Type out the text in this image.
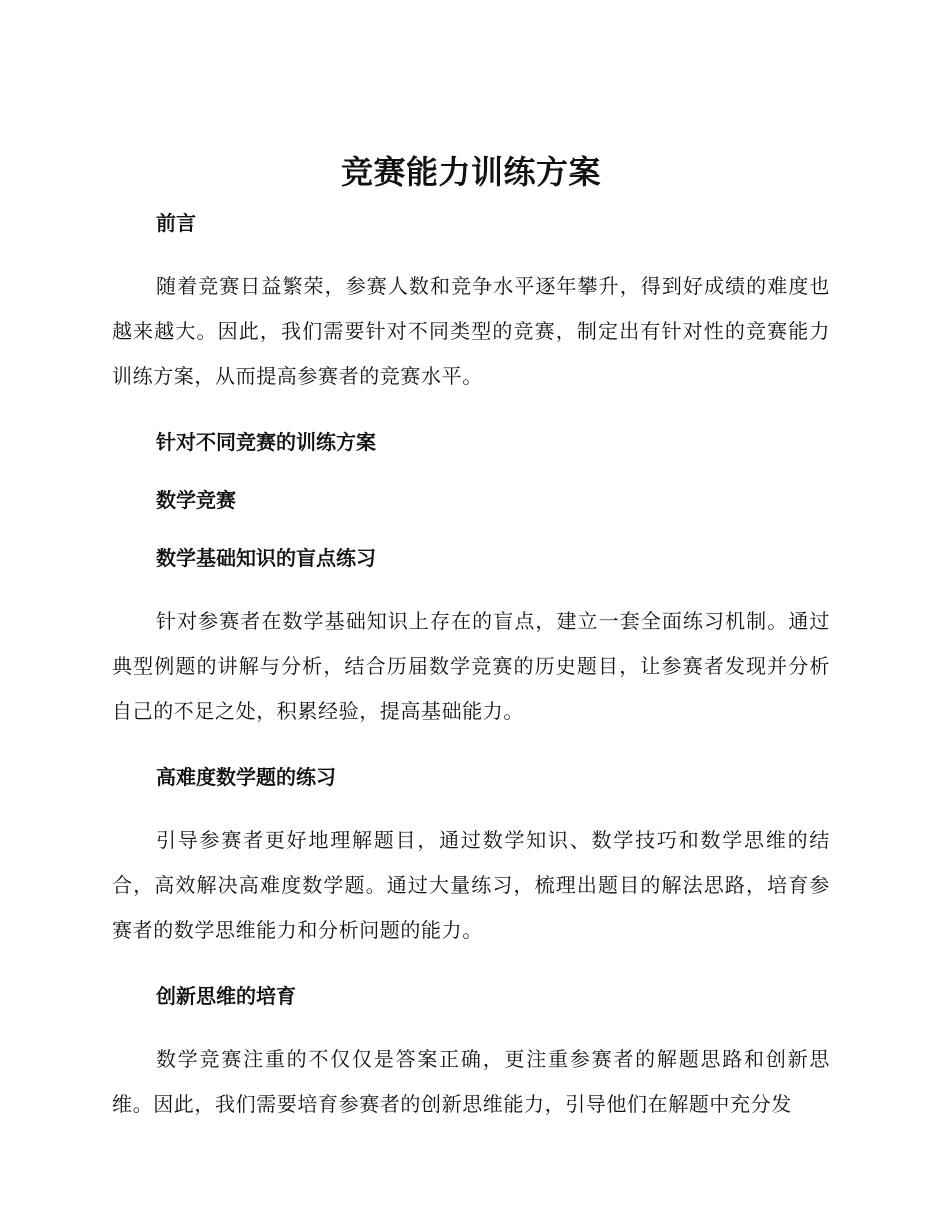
竞赛能力训练方案
前言

随着竞赛日益繁荣，参赛人数和竞争水平逐年攀升，得到好成绩的难度也越来越大。因此，我们需要针对不同类型的竞赛，制定出有针对性的竞赛能力训练方案，从而提高参赛者的竞赛水平。

针对不同竞赛的训练方案
数学竞赛
数学基础知识的盲点练习

针对参赛者在数学基础知识上存在的盲点，建立一套全面练习机制。通过典型例题的讲解与分析，结合历届数学竞赛的历史题目，让参赛者发现并分析自己的不足之处，积累经验，提高基础能力。

高难度数学题的练习

引导参赛者更好地理解题目，通过数学知识、数学技巧和数学思维的结合，高效解决高难度数学题。通过大量练习，梳理出题目的解法思路，培育参赛者的数学思维能力和分析问题的能力。

创新思维的培育

数学竞赛注重的不仅仅是答案正确，更注重参赛者的解题思路和创新思维。因此，我们需要培育参赛者的创新思维能力，引导他们在解题中充分发
